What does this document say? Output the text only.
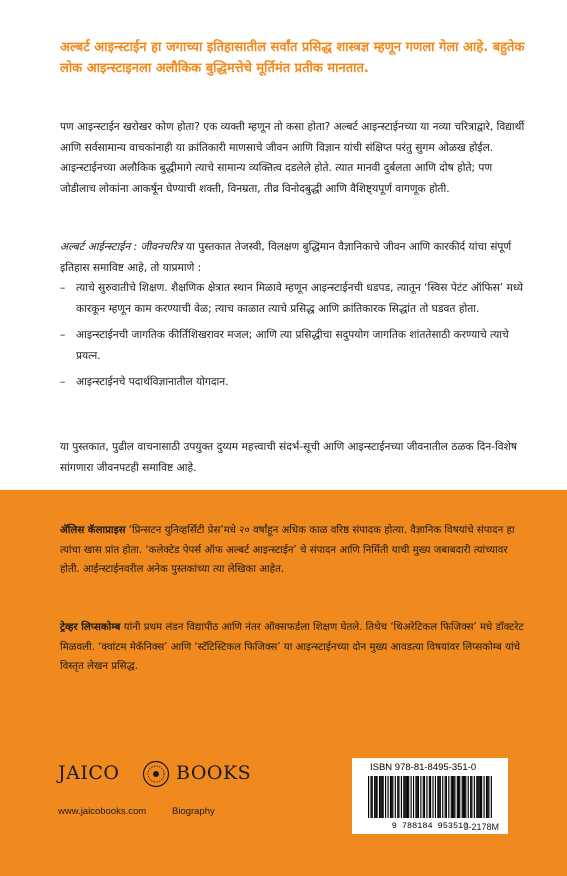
अल्बर्ट आइन्स्टाईन हा जगाच्या इतिहासातील सर्वांत प्रसिद्ध शास्त्रज्ञ म्हणून गणला गेला आहे. बहुतेक लोक आइन्स्टाइनला अलौकिक बुद्धिमत्तेचे मूर्तिमंत प्रतीक मानतात.

पण आइन्स्टाईन खरोखर कोण होता? एक व्यक्ती म्हणून तो कसा होता? अल्बर्ट आइन्स्टाईनच्या या नव्या चरित्राद्वारे, विद्यार्थी आणि सर्वसामान्य वाचकांनाही या क्रांतिकारी माणसाचे जीवन आणि विज्ञान यांची संक्षिप्त परंतु सुगम ओळख होईल. आइन्स्टाईनच्या अलौकिक बुद्धीमागे त्याचे सामान्य व्यक्तित्व दडलेले होते. त्यात मानवी दुर्बलता आणि दोष होते; पण जोडीलाच लोकांना आकर्षून घेण्याची शक्ती, विनम्रता, तीव्र विनोदबुद्धी आणि वैशिष्ट्यपूर्ण वागणूक होती.

अल्बर्ट आईन्स्टाईन : जीवनचरित्र या पुस्तकात तेजस्वी, विलक्षण बुद्धिमान वैज्ञानिकाचे जीवन आणि कारकीर्द यांचा संपूर्ण इतिहास समाविष्ट आहे, तो याप्रमाणे :

– त्याचे सुरुवातीचे शिक्षण. शैक्षणिक क्षेत्रात स्थान मिळावे म्हणून आइन्स्टाईनची धडपड, त्यातून ‘स्विस पेटंट ऑफिस’ मध्ये कारकून म्हणून काम करण्याची वेळ; त्याच काळात त्याचे प्रसिद्ध आणि क्रांतिकारक सिद्धांत तो घडवत होता.
– आइन्स्टाईनची जागतिक कीर्तिशिखरावर मजल; आणि त्या प्रसिद्धीचा सदुपयोग जागतिक शांततेसाठी करण्याचे त्याचे प्रयत्न.
– आइन्स्टाईनचे पदार्थविज्ञानातील योगदान.

या पुस्तकात, पुढील वाचनासाठी उपयुक्त दुय्यम महत्त्वाची संदर्भ-सूची आणि आइन्स्टाईनच्या जीवनातील ठळक दिन-विशेष सांगणारा जीवनपटही समाविष्ट आहे.

ॲलिस कॅलाप्राइस ‘प्रिन्सटन युनिव्हर्सिटी प्रेस’मधे २० वर्षांहून अधिक काळ वरिष्ठ संपादक होत्या. वैज्ञानिक विषयांचे संपादन हा त्यांचा खास प्रांत होता. ‘कलेक्टेड पेपर्स ऑफ अल्बर्ट आइन्स्टाईन’ चे संपादन आणि निर्मिती याची मुख्य जबाबदारी त्यांच्यावर होती. आईन्स्टाईनवरील अनेक पुस्तकांच्या त्या लेखिका आहेत.

ट्रेव्हर लिप्सकोम्ब यांनी प्रथम लंडन विद्यापीठ आणि नंतर ऑक्सफर्डला शिक्षण घेतले. तिथेच ‘थिअरेटिकल फिजिक्स’ मधे डॉक्टरेट मिळवली. ‘क्वांटम मेकॅनिक्स’ आणि ‘स्टॅटिस्टिकल फिजिक्स’ या आइन्स्टाईनच्या दोन मुख्य आवडत्या विषयांवर लिप्सकोम्ब यांचे विस्तृत लेखन प्रसिद्ध.

JAICO	BOOKS
www.jaicobooks.com	Biography
ISBN 978-81-8495-351-0
9 788184 953510
J-2178M
